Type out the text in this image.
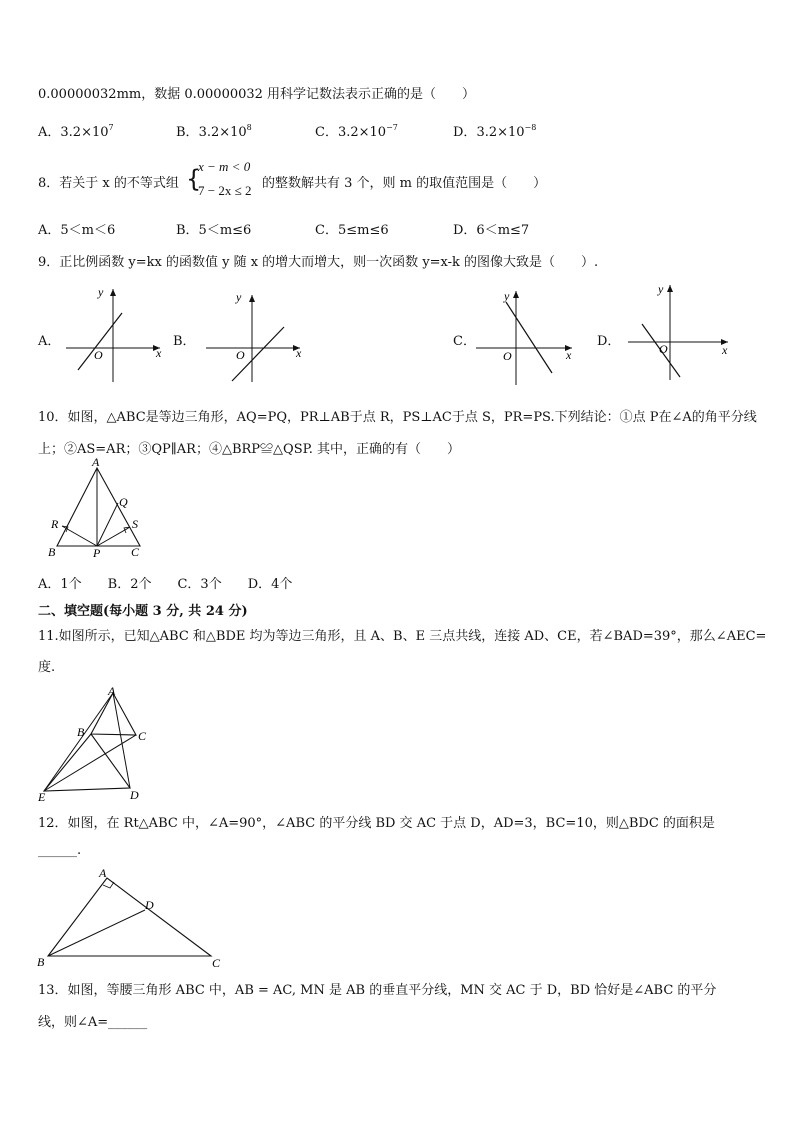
0.00000032mm，数据 0.00000032 用科学记数法表示正确的是（　　）
A．$3.2\times 10^7$	B．$3.2\times 10^8$	C．$3.2\times 10^{-7}$	D．$3.2\times 10^{-8}$
8．若关于 x 的不等式组 {
x − m < 0
7 − 2x ≤ 2 的整数解共有 3 个，则 m 的取值范围是（　　）
A．5＜m＜6	B．5＜m≤6	C．5≤m≤6	D．6＜m≤7
9．正比例函数 y=kx 的函数值 y 随 x 的增大而增大，则一次函数 y=x-k 的图像大致是（　　）.
A．
y
x
O
B．
y
x
O
C．
y
x
O
D．
y
x
O
10．如图，△ABC是等边三角形，AQ=PQ，PR⊥AB于点 R，PS⊥AC于点 S，PR=PS.下列结论：①点 P在∠A的角平分线
上；②AS=AR；③QP∥AR；④△BRP≌△QSP. 其中，正确的有（　　）
A
B	C
P
Q
R	S
A．1个　　B．2个　　C．3个　　D．4个
二、填空题(每小题 3 分, 共 24 分)
11.如图所示，已知△ABC 和△BDE 均为等边三角形，且 A、B、E 三点共线，连接 AD、CE，若∠BAD=39°，那么∠AEC=
度.
A
B	C
D
E
12．如图，在 Rt△ABC 中，∠A=90°，∠ABC 的平分线 BD 交 AC 于点 D，AD=3，BC=10，则△BDC 的面积是
______.
A
B	C
D
13．如图，等腰三角形 ABC 中，AB = AC, MN 是 AB 的垂直平分线，MN 交 AC 于 D，BD 恰好是∠ABC 的平分
线，则∠A=______
